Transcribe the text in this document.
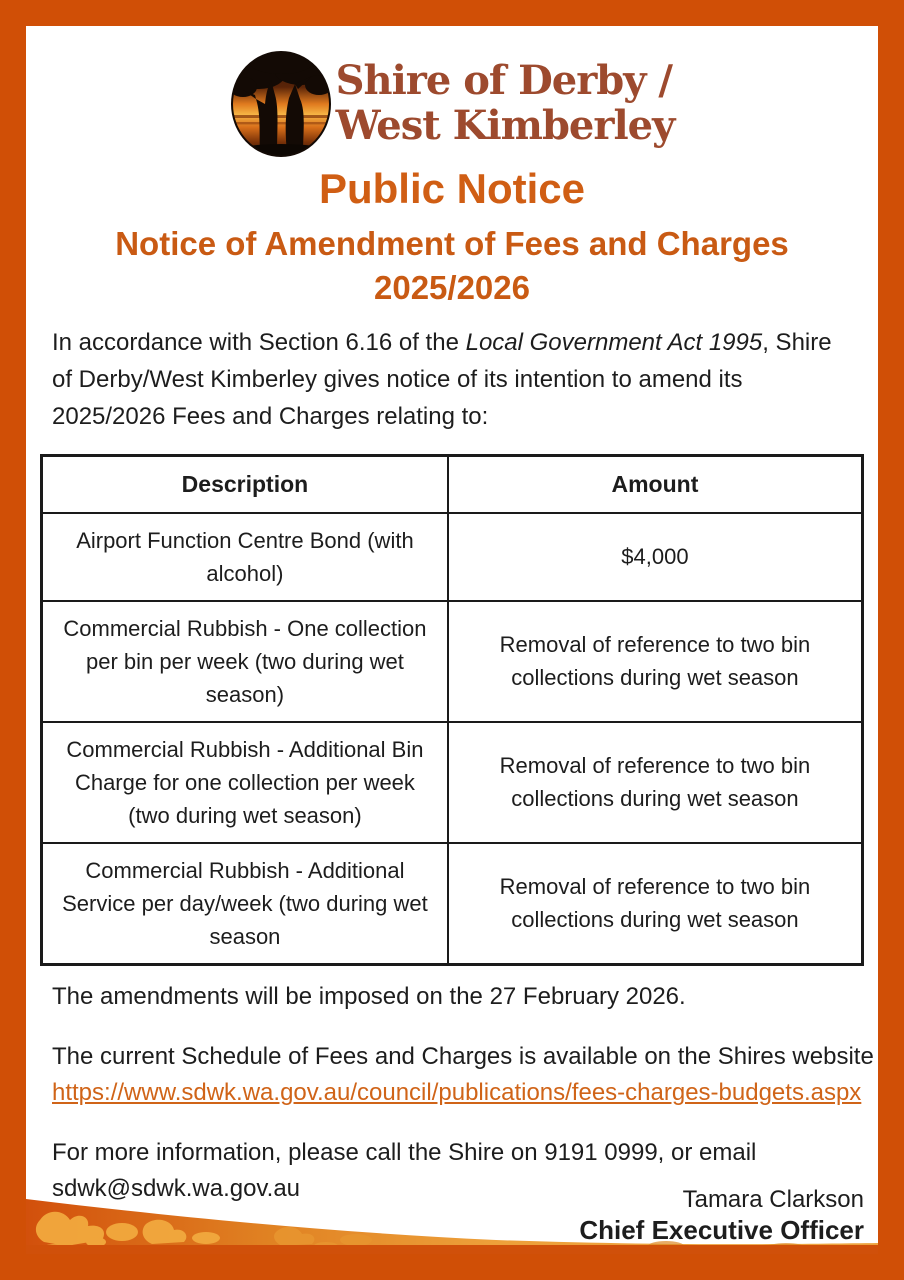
Shire of Derby /
West Kimberley
Public Notice
Notice of Amendment of Fees and Charges
2025/2026

In accordance with Section 6.16 of the Local Government Act 1995, Shire of Derby/West Kimberley gives notice of its intention to amend its 2025/2026 Fees and Charges relating to:

Description	Amount
Airport Function Centre Bond (with alcohol)	$4,000
Commercial Rubbish - One collection per bin per week (two during wet season)	Removal of reference to two bin collections during wet season
Commercial Rubbish - Additional Bin Charge for one collection per week (two during wet season)	Removal of reference to two bin collections during wet season
Commercial Rubbish - Additional Service per day/week (two during wet season	Removal of reference to two bin collections during wet season

The amendments will be imposed on the 27 February 2026.

The current Schedule of Fees and Charges is available on the Shires website
https://www.sdwk.wa.gov.au/council/publications/fees-charges-budgets.aspx

For more information, please call the Shire on 9191 0999, or email
sdwk@sdwk.wa.gov.au	Tamara Clarkson
Chief Executive Officer
